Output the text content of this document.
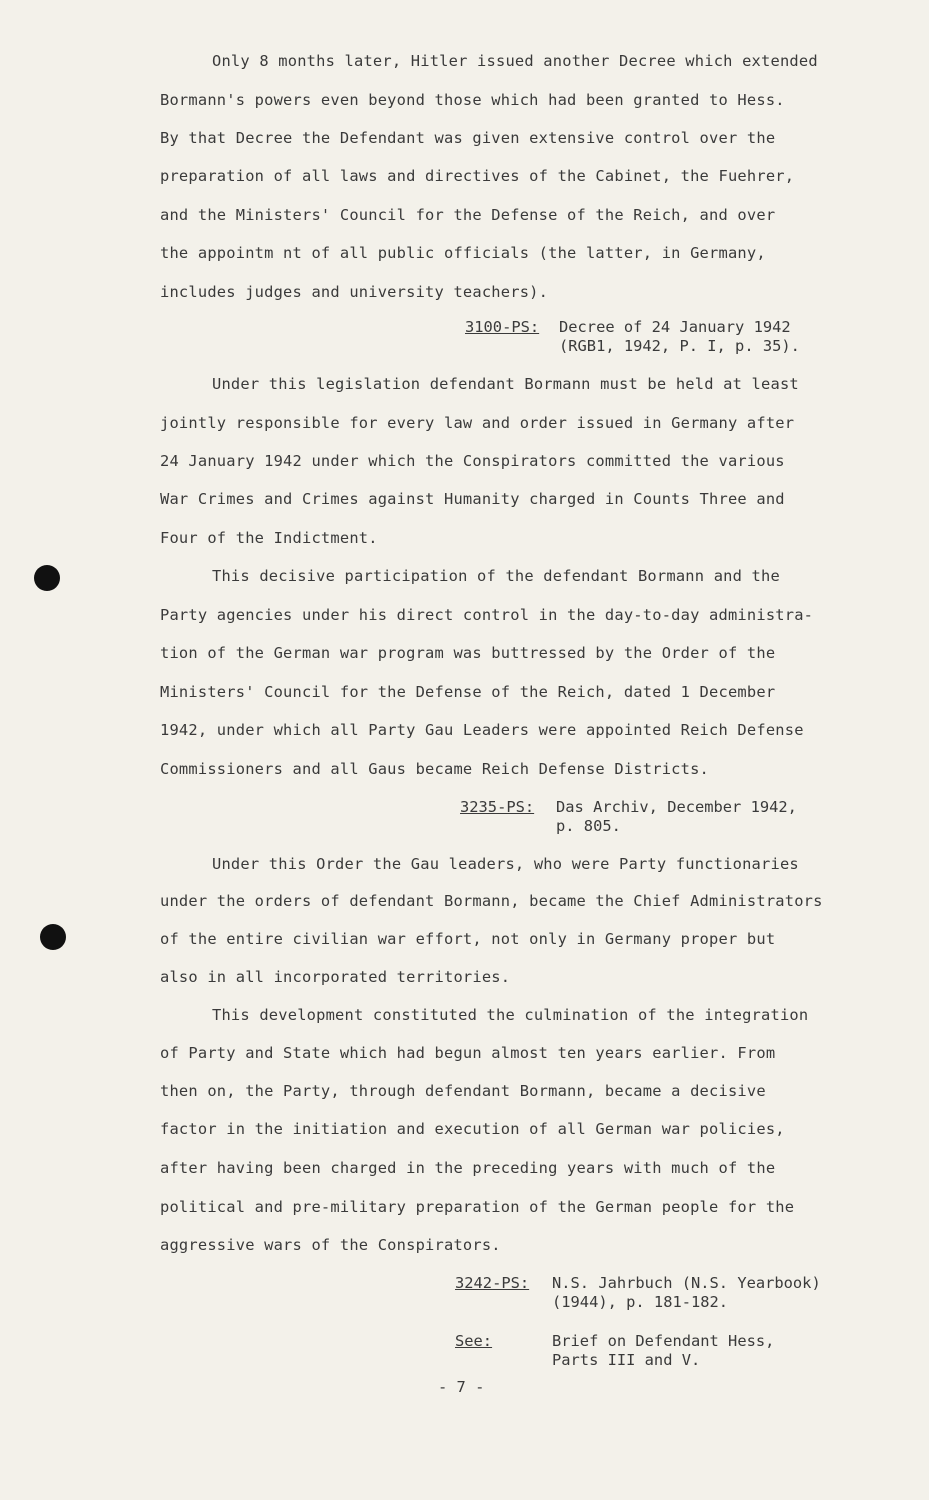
Only 8 months later, Hitler issued another Decree which extended
Bormann's powers even beyond those which had been granted to Hess.
By that Decree the Defendant was given extensive control over the
preparation of all laws and directives of the Cabinet, the Fuehrer,
and the Ministers' Council for the Defense of the Reich, and over
the appointm nt of all public officials (the latter, in Germany,
includes judges and university teachers).
3100-PS: Decree of 24 January 1942
(RGB1, 1942, P. I, p. 35).
Under this legislation defendant Bormann must be held at least
jointly responsible for every law and order issued in Germany after
24 January 1942 under which the Conspirators committed the various
War Crimes and Crimes against Humanity charged in Counts Three and
Four of the Indictment.
This decisive participation of the defendant Bormann and the
Party agencies under his direct control in the day-to-day administra-
tion of the German war program was buttressed by the Order of the
Ministers' Council for the Defense of the Reich, dated 1 December
1942, under which all Party Gau Leaders were appointed Reich Defense
Commissioners and all Gaus became Reich Defense Districts.
3235-PS: Das Archiv, December 1942,
p. 805.
Under this Order the Gau leaders, who were Party functionaries
under the orders of defendant Bormann, became the Chief Administrators
of the entire civilian war effort, not only in Germany proper but
also in all incorporated territories.
This development constituted the culmination of the integration
of Party and State which had begun almost ten years earlier. From
then on, the Party, through defendant Bormann, became a decisive
factor in the initiation and execution of all German war policies,
after having been charged in the preceding years with much of the
political and pre-military preparation of the German people for the
aggressive wars of the Conspirators.
3242-PS: N.S. Jahrbuch (N.S. Yearbook)
(1944), p. 181-182.
See:	Brief on Defendant Hess,
Parts III and V.
- 7 -
